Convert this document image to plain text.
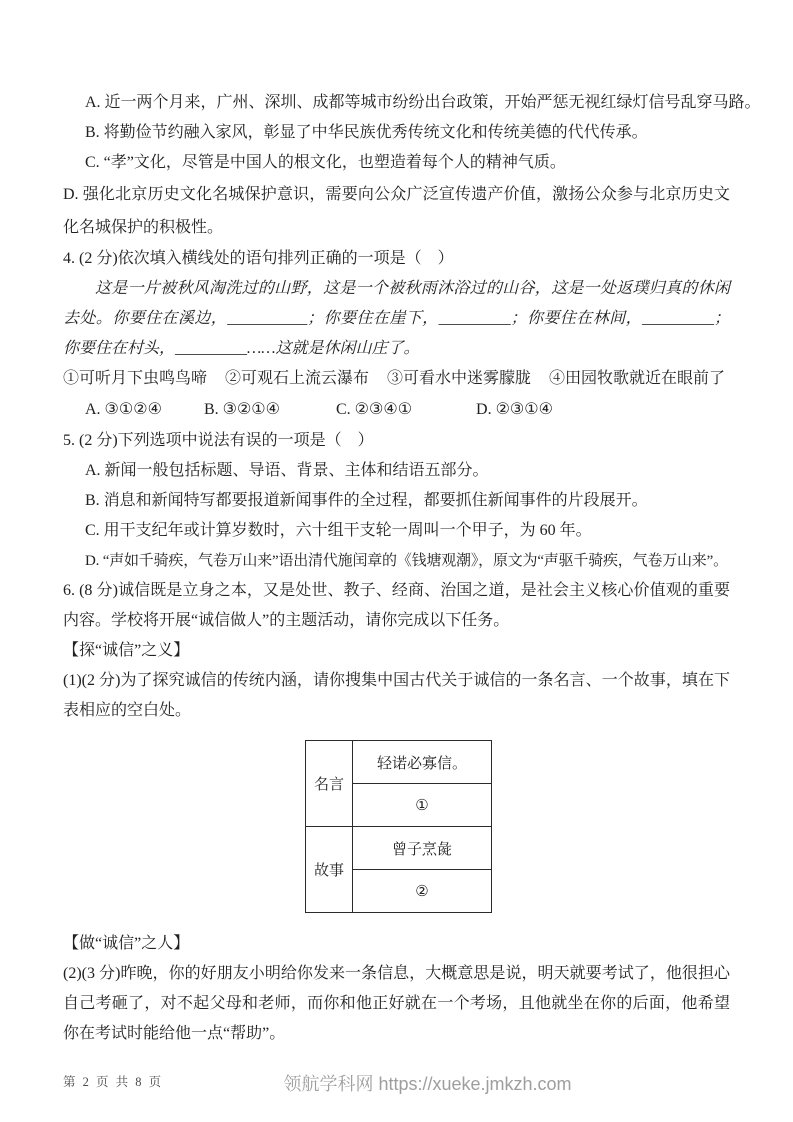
A. 近一两个月来，广州、深圳、成都等城市纷纷出台政策，开始严惩无视红绿灯信号乱穿马路。

B. 将勤俭节约融入家风，彰显了中华民族优秀传统文化和传统美德的代代传承。

C. “孝”文化，尽管是中国人的根文化，也塑造着每个人的精神气质。

D. 强化北京历史文化名城保护意识，需要向公众广泛宣传遗产价值，激扬公众参与北京历史文化名城保护的积极性。

4. (2 分)依次填入横线处的语句排列正确的一项是（　）

这是一片被秋风淘洗过的山野，这是一个被秋雨沐浴过的山谷，这是一处返璞归真的休闲去处。你要住在溪边，__________；你要住在崖下，_________；你要住在林间，_________；你要住在村头，_________……这就是休闲山庄了。

①可听月下虫鸣鸟啼 ②可观石上流云瀑布 ③可看水中迷雾朦胧 ④田园牧歌就近在眼前了
A. ③①②④	B. ③②①④	C. ②③④①	D. ②③①④

5. (2 分)下列选项中说法有误的一项是（　）

A. 新闻一般包括标题、导语、背景、主体和结语五部分。

B. 消息和新闻特写都要报道新闻事件的全过程，都要抓住新闻事件的片段展开。

C. 用干支纪年或计算岁数时，六十组干支轮一周叫一个甲子，为 60 年。

D. “声如千骑疾，气卷万山来”语出清代施闰章的《钱塘观潮》，原文为“声驱千骑疾，气卷万山来”。

6. (8 分)诚信既是立身之本，又是处世、教子、经商、治国之道，是社会主义核心价值观的重要内容。学校将开展“诚信做人”的主题活动，请你完成以下任务。

【探“诚信”之义】

(1)(2 分)为了探究诚信的传统内涵，请你搜集中国古代关于诚信的一条名言、一个故事，填在下表相应的空白处。

名言	轻诺必寡信。
	①
故事	曾子烹彘
	②

【做“诚信”之人】

(2)(3 分)昨晚，你的好朋友小明给你发来一条信息，大概意思是说，明天就要考试了，他很担心自己考砸了，对不起父母和老师，而你和他正好就在一个考场，且他就坐在你的后面，他希望你在考试时能给他一点“帮助”。

第 2 页 共 8 页	领航学科网 https://xueke.jmkzh.com
